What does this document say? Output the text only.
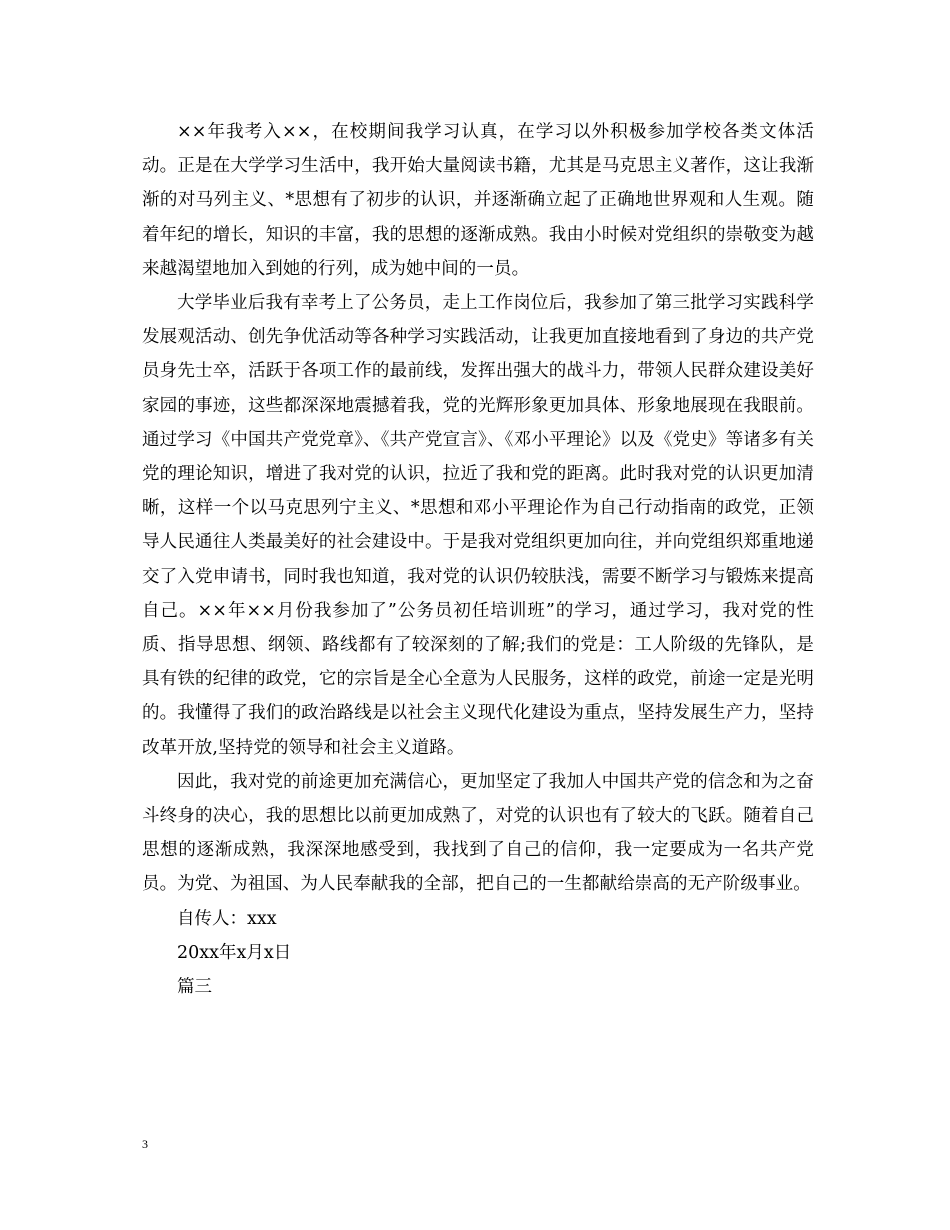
××年我考入××，在校期间我学习认真，在学习以外积极参加学校各类文体活动。正是在大学学习生活中，我开始大量阅读书籍，尤其是马克思主义著作，这让我渐渐的对马列主义、*思想有了初步的认识，并逐渐确立起了正确地世界观和人生观。随着年纪的增长，知识的丰富，我的思想的逐渐成熟。我由小时候对党组织的崇敬变为越来越渴望地加入到她的行列，成为她中间的一员。

大学毕业后我有幸考上了公务员，走上工作岗位后，我参加了第三批学习实践科学发展观活动、创先争优活动等各种学习实践活动，让我更加直接地看到了身边的共产党员身先士卒，活跃于各项工作的最前线，发挥出强大的战斗力，带领人民群众建设美好家园的事迹，这些都深深地震撼着我，党的光辉形象更加具体、形象地展现在我眼前。通过学习《中国共产党党章》、《共产党宣言》、《邓小平理论》以及《党史》等诸多有关党的理论知识，增进了我对党的认识，拉近了我和党的距离。此时我对党的认识更加清晰，这样一个以马克思列宁主义、*思想和邓小平理论作为自己行动指南的政党，正领导人民通往人类最美好的社会建设中。于是我对党组织更加向往，并向党组织郑重地递交了入党申请书，同时我也知道，我对党的认识仍较肤浅，需要不断学习与锻炼来提高自己。××年××月份我参加了”公务员初任培训班”的学习，通过学习，我对党的性质、指导思想、纲领、路线都有了较深刻的了解;我们的党是：工人阶级的先锋队，是具有铁的纪律的政党，它的宗旨是全心全意为人民服务，这样的政党，前途一定是光明的。我懂得了我们的政治路线是以社会主义现代化建设为重点，坚持发展生产力，坚持改革开放,坚持党的领导和社会主义道路。

因此，我对党的前途更加充满信心，更加坚定了我加人中国共产党的信念和为之奋斗终身的决心，我的思想比以前更加成熟了，对党的认识也有了较大的飞跃。随着自己思想的逐渐成熟，我深深地感受到，我找到了自己的信仰，我一定要成为一名共产党员。为党、为祖国、为人民奉献我的全部，把自己的一生都献给崇高的无产阶级事业。

自传人：xxx

20xx年x月x日

篇三

3
